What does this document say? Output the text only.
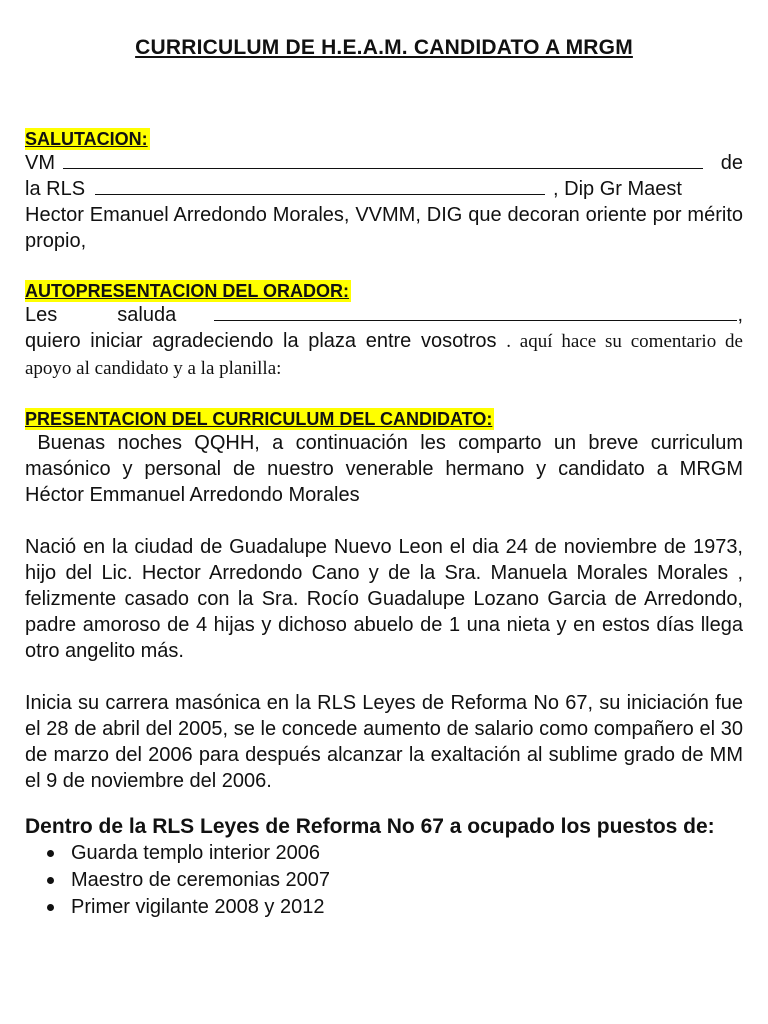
CURRICULUM DE H.E.A.M. CANDIDATO A MRGM
SALUTACION:
VM	de
la RLS	, Dip Gr Maest

Hector Emanuel Arredondo Morales, VVMM, DIG que decoran oriente por mérito propio,

AUTOPRESENTACION DEL ORADOR:
Les	saluda	,

quiero iniciar agradeciendo la plaza entre vosotros . aquí hace su comentario de apoyo al candidato y a la planilla:

PRESENTACION DEL CURRICULUM DEL CANDIDATO:

Buenas noches QQHH, a continuación les comparto un breve curriculum masónico y personal de nuestro venerable hermano y candidato a MRGM Héctor Emmanuel Arredondo Morales

Nació en la ciudad de Guadalupe Nuevo Leon el dia 24 de noviembre de 1973, hijo del Lic. Hector Arredondo Cano y de la Sra. Manuela Morales Morales , felizmente casado con la Sra. Rocío Guadalupe Lozano Garcia de Arredondo, padre amoroso de 4 hijas y dichoso abuelo de 1 una nieta y en estos días llega otro angelito más.

Inicia su carrera masónica en la RLS Leyes de Reforma No 67, su iniciación fue el 28 de abril del 2005, se le concede aumento de salario como compañero el 30 de marzo del 2006 para después alcanzar la exaltación al sublime grado de MM el 9 de noviembre del 2006.

Dentro de la RLS Leyes de Reforma No 67 a ocupado los puestos de:

Guarda templo interior 2006
Maestro de ceremonias 2007
Primer vigilante 2008 y 2012
